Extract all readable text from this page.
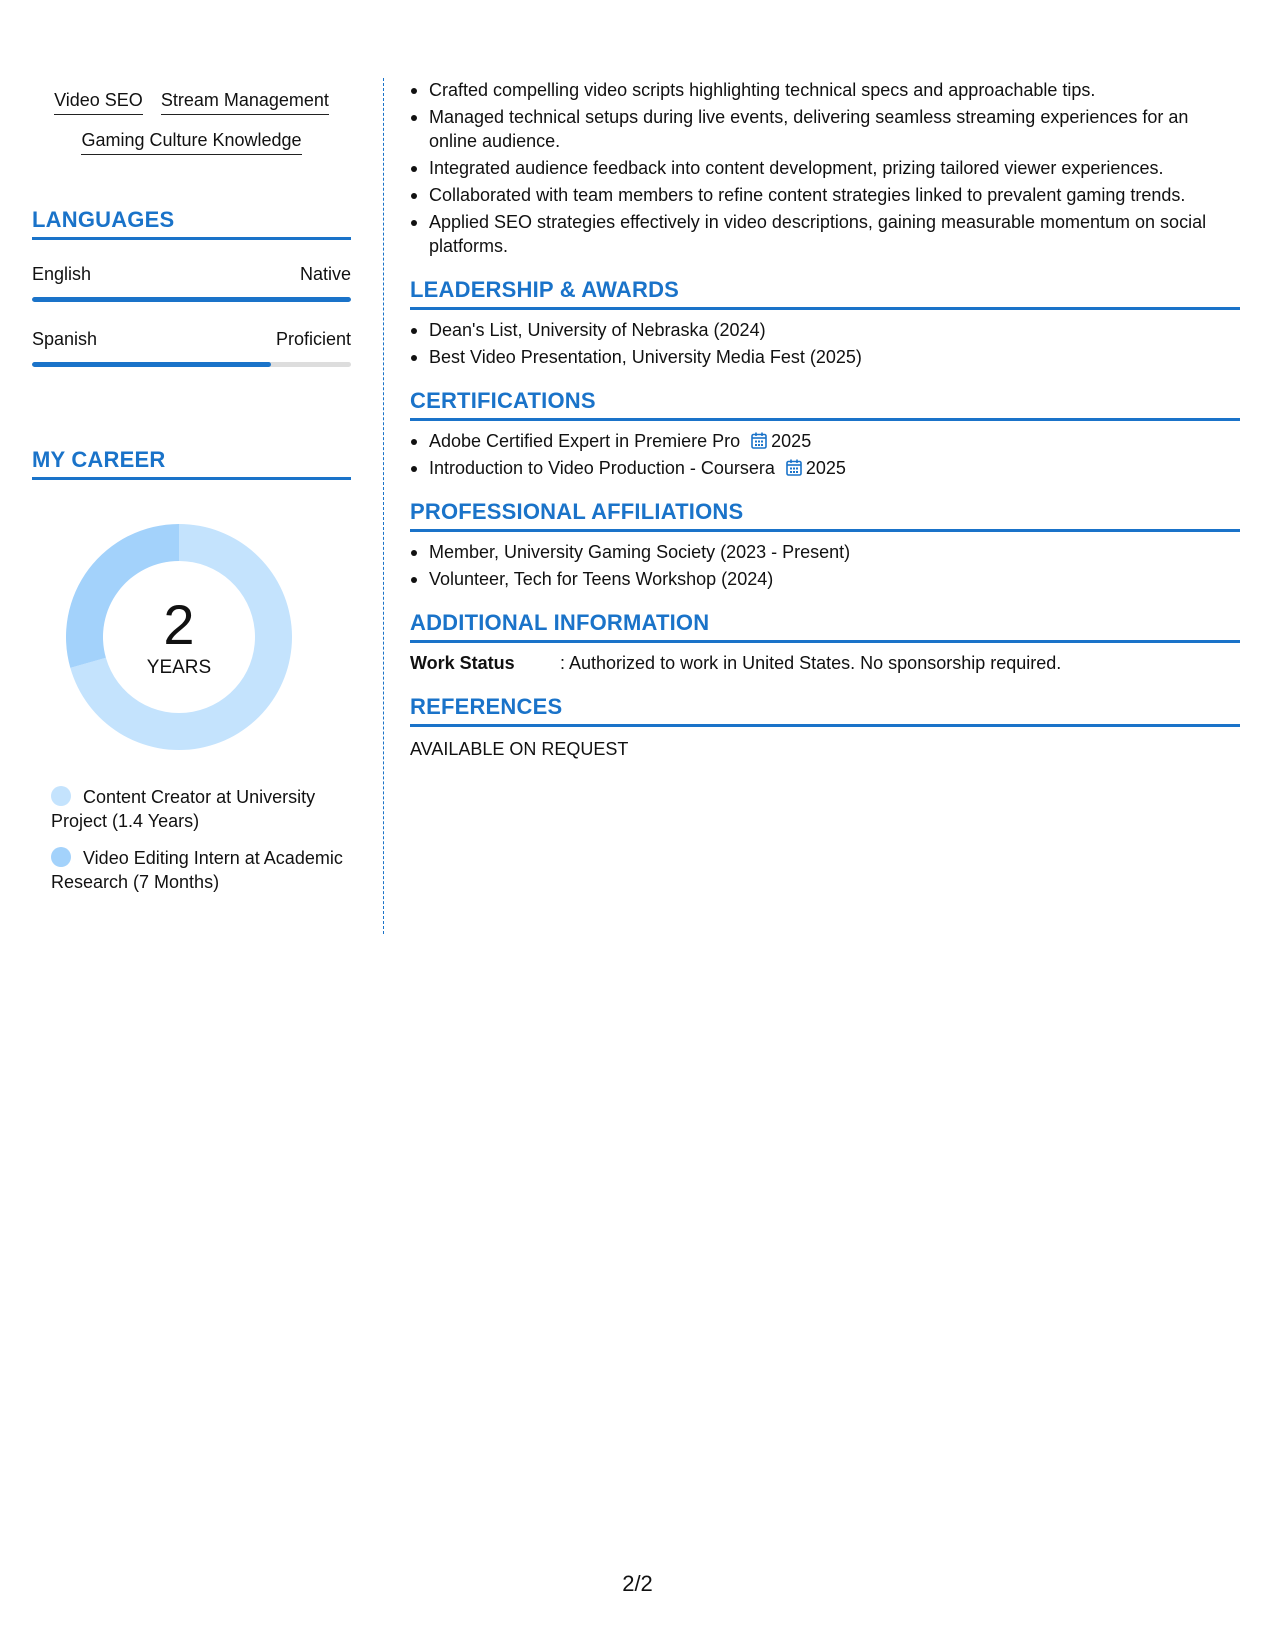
Video SEO Stream Management
Gaming Culture Knowledge
LANGUAGES
English	Native
Spanish	Proficient
MY CAREER
2
YEARS
Content Creator at University Project (1.4 Years)
Video Editing Intern at Academic Research (7 Months)
Crafted compelling video scripts highlighting technical specs and approachable tips.
Managed technical setups during live events, delivering seamless streaming experiences for an online audience.
Integrated audience feedback into content development, prizing tailored viewer experiences.
Collaborated with team members to refine content strategies linked to prevalent gaming trends.
Applied SEO strategies effectively in video descriptions, gaining measurable momentum on social platforms.
LEADERSHIP & AWARDS
Dean's List, University of Nebraska (2024)
Best Video Presentation, University Media Fest (2025)
CERTIFICATIONS
Adobe Certified Expert in Premiere Pro 2025
Introduction to Video Production - Coursera 2025
PROFESSIONAL AFFILIATIONS
Member, University Gaming Society (2023 - Present)
Volunteer, Tech for Teens Workshop (2024)
ADDITIONAL INFORMATION
Work Status	: Authorized to work in United States. No sponsorship required.
REFERENCES
AVAILABLE ON REQUEST
2/2
